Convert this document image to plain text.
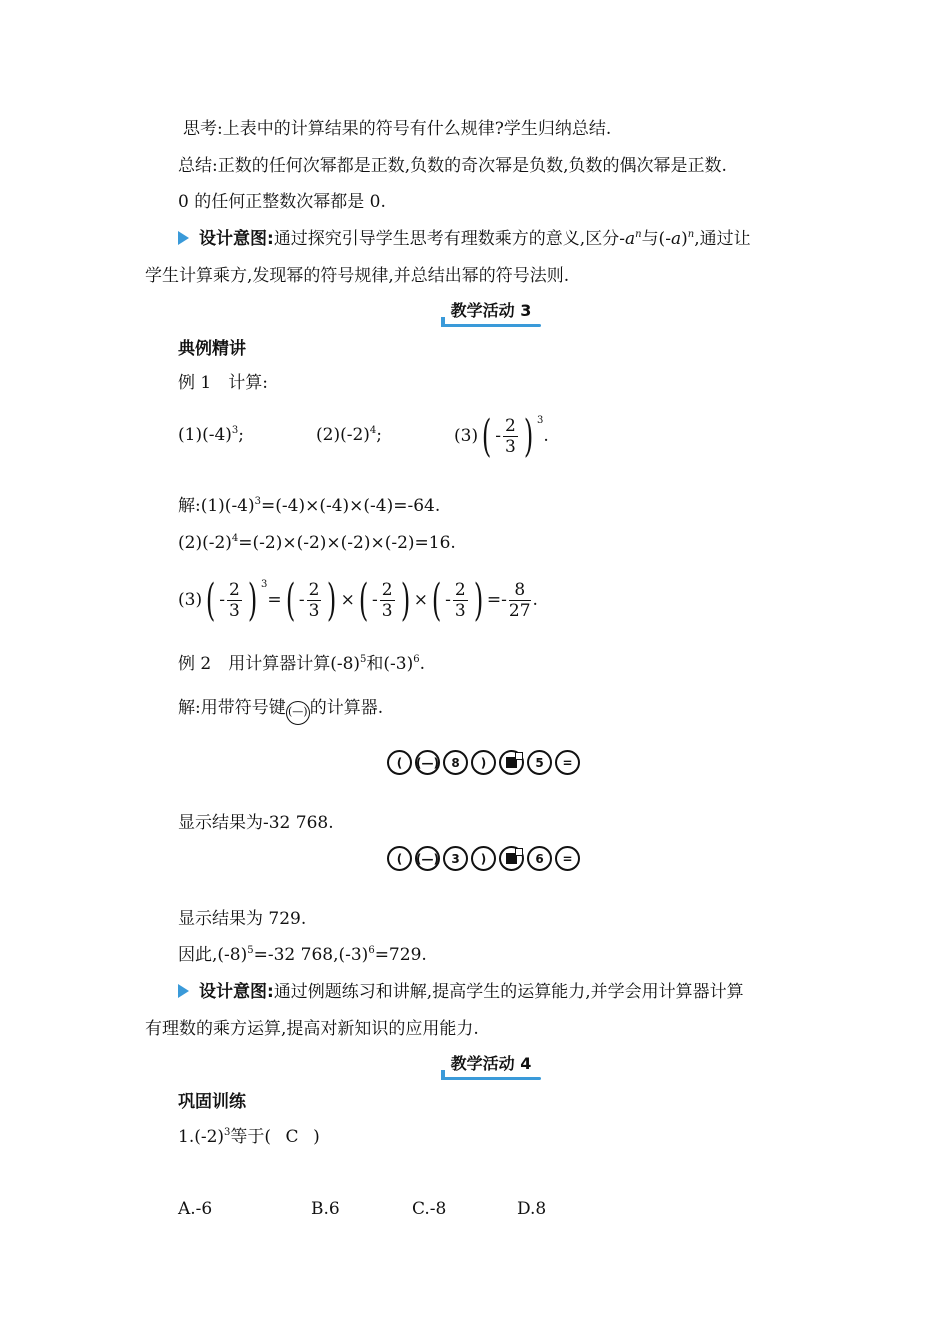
思考:上表中的计算结果的符号有什么规律?学生归纳总结.
总结:正数的任何次幂都是正数,负数的奇次幂是负数,负数的偶次幂是正数.
0 的任何正整数次幂都是 0.
设计意图:通过探究引导学生思考有理数乘方的意义,区分$-a^n$与$(-a)^n$,通过让
学生计算乘方,发现幂的符号规律,并总结出幂的符号法则.
教学活动 3
典例精讲
例 1　计算:
$(1)(-4)^3$;	$(2)(-2)^4$;	$(3)( - \frac{2}{3}$ ) $^3$.
解$:(1)(-4)^3=(-4)\times(-4)\times(-4)=-64$.
$(2)(-2)^4=(-2)\times(-2)\times(-2)\times(-2)=16$.
$(3)( - \frac{2}{3}$ ) $^3=( - \frac{2}{3}$ ) ×( - $\frac{2}{3}$ ) ×( - $\frac{2}{3}$ ) =- $\frac{8}{27}$ .
例 2　用计算器计算$(-8)^5$和$(-3)^6$.
解:用带符号键 (—) 的计算器.
(	(—)	8	)	5	=
显示结果为-32 768.
(	(—)	3	)	6	=
显示结果为 729.
因此$,(-8)^5=-32$ $768,(-3)^6=729$.
设计意图:通过例题练习和讲解,提高学生的运算能力,并学会用计算器计算
有理数的乘方运算,提高对新知识的应用能力.
教学活动 4
巩固训练
$1.(-2)^3$等于( C )
A.-6	B.6	C.-8	D.8
